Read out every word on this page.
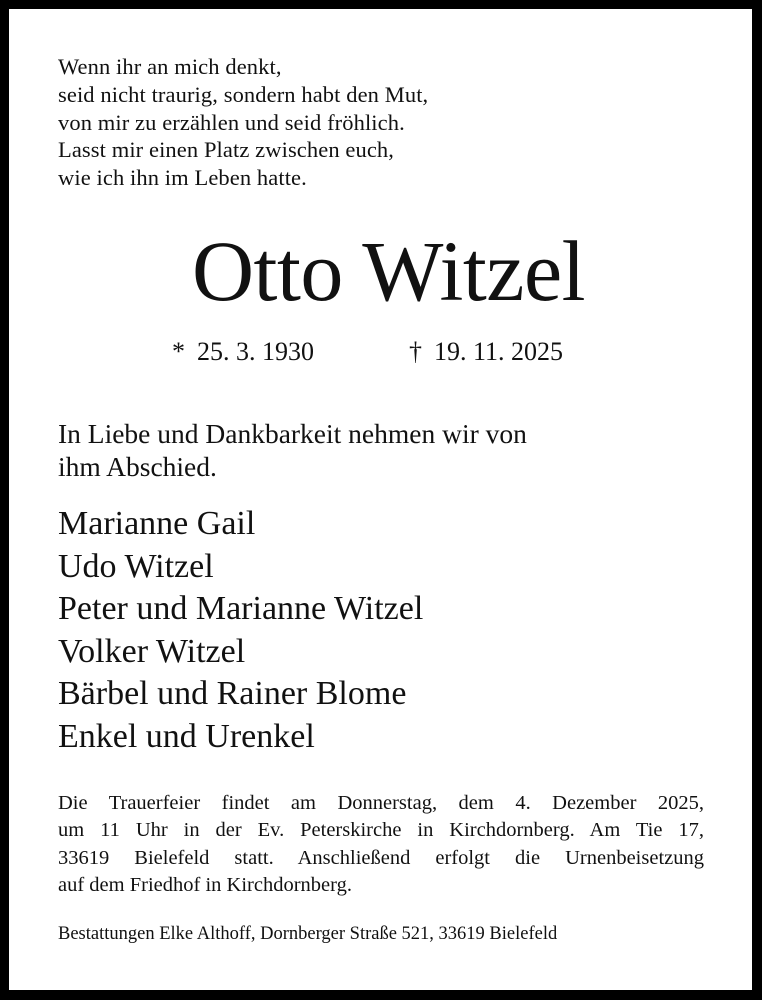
Wenn ihr an mich denkt,
seid nicht traurig, sondern habt den Mut,
von mir zu erzählen und seid fröhlich.
Lasst mir einen Platz zwischen euch,
wie ich ihn im Leben hatte.
Otto Witzel
* 25. 3. 1930	† 19. 11. 2025
In Liebe und Dankbarkeit nehmen wir von
ihm Abschied.
Marianne Gail
Udo Witzel
Peter und Marianne Witzel
Volker Witzel
Bärbel und Rainer Blome
Enkel und Urenkel
Die Trauerfeier findet am Donnerstag, dem 4. Dezember 2025,
um 11 Uhr in der Ev. Peterskirche in Kirchdornberg. Am Tie 17,
33619 Bielefeld statt. Anschließend erfolgt die Urnenbeisetzung
auf dem Friedhof in Kirchdornberg.
Bestattungen Elke Althoff, Dornberger Straße 521, 33619 Bielefeld
